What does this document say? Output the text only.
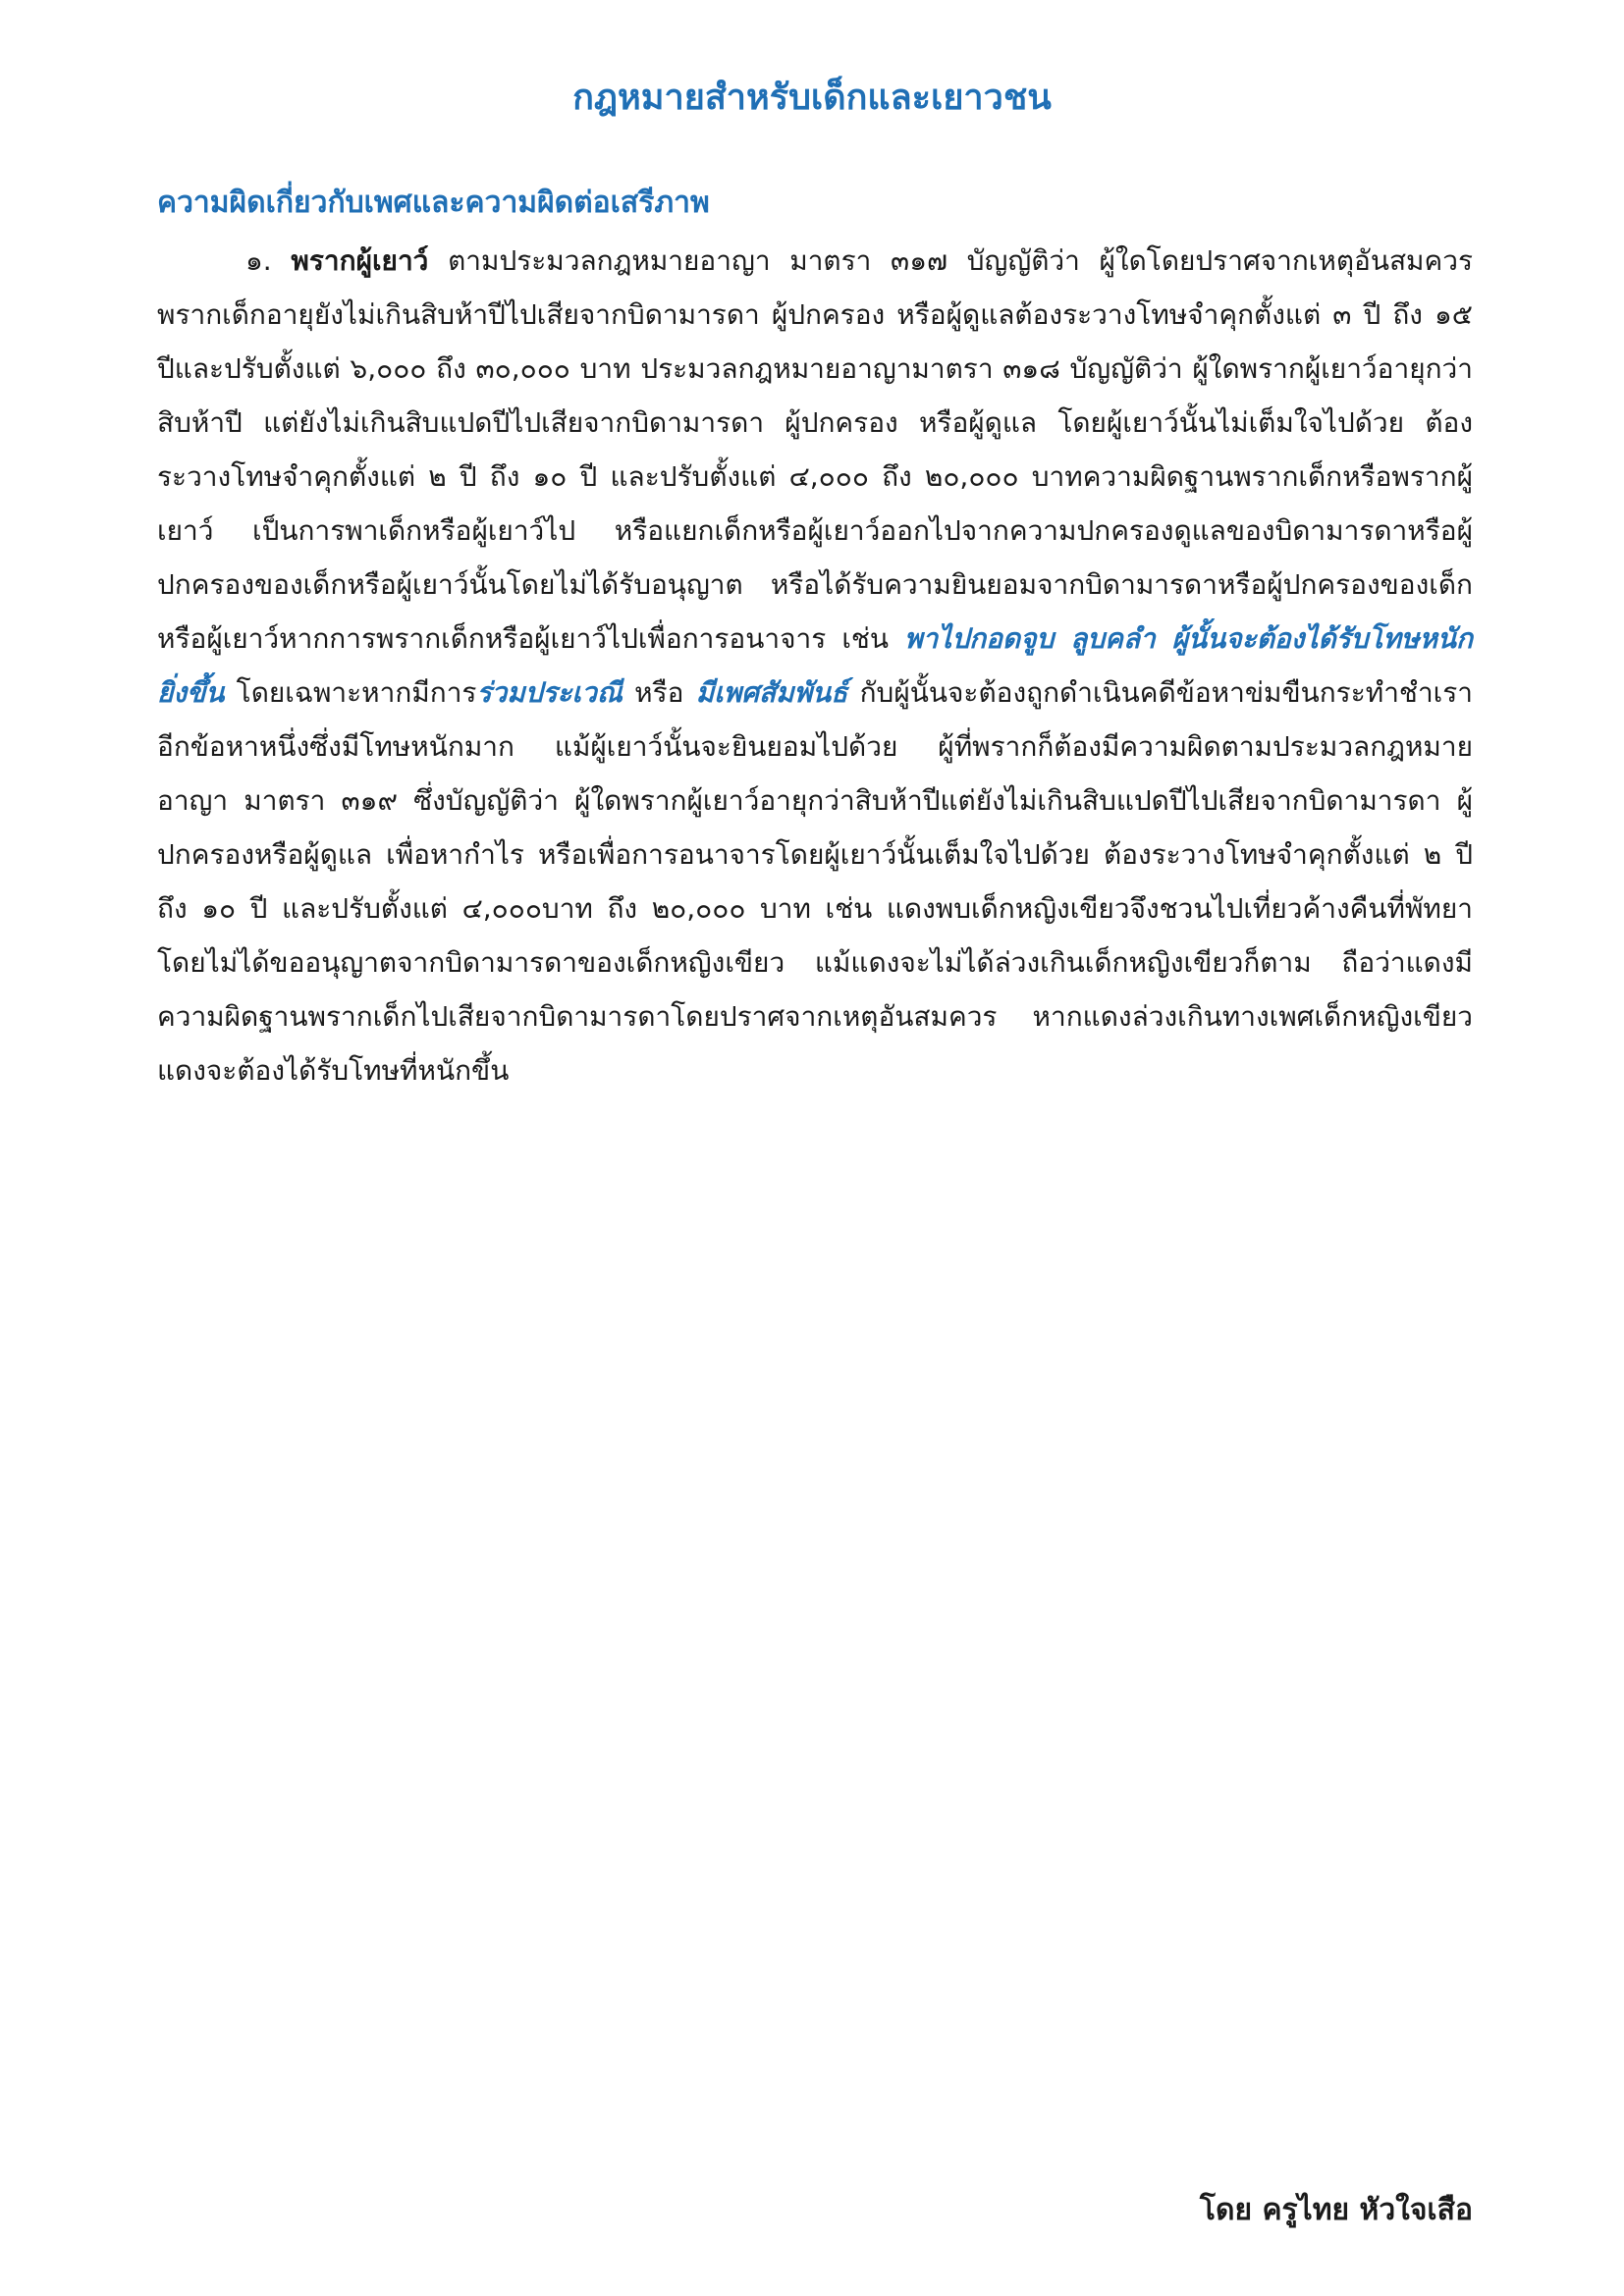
กฎหมายสำหรับเด็กและเยาวชน
ความผิดเกี่ยวกับเพศและความผิดต่อเสรีภาพ

๑. พรากผู้เยาว์ ตามประมวลกฎหมายอาญา มาตรา ๓๑๗ บัญญัติว่า ผู้ใดโดยปราศจากเหตุอันสมควรพรากเด็กอายุยังไม่เกินสิบห้าปีไปเสียจากบิดามารดา ผู้ปกครอง หรือผู้ดูแลต้องระวางโทษจำคุกตั้งแต่ ๓ ปี ถึง ๑๕ ปีและปรับตั้งแต่ ๖,๐๐๐ ถึง ๓๐,๐๐๐ บาท ประมวลกฎหมายอาญามาตรา ๓๑๘ บัญญัติว่า ผู้ใดพรากผู้เยาว์อายุกว่าสิบห้าปี แต่ยังไม่เกินสิบแปดปีไปเสียจากบิดามารดา ผู้ปกครอง หรือผู้ดูแล โดยผู้เยาว์นั้นไม่เต็มใจไปด้วย ต้องระวางโทษจำคุกตั้งแต่ ๒ ปี ถึง ๑๐ ปี และปรับตั้งแต่ ๔,๐๐๐ ถึง ๒๐,๐๐๐ บาทความผิดฐานพรากเด็กหรือพรากผู้เยาว์ เป็นการพาเด็กหรือผู้เยาว์ไป หรือแยกเด็กหรือผู้เยาว์ออกไปจากความปกครองดูแลของบิดามารดาหรือผู้ปกครองของเด็กหรือผู้เยาว์นั้นโดยไม่ได้รับอนุญาต หรือได้รับความยินยอมจากบิดามารดาหรือผู้ปกครองของเด็กหรือผู้เยาว์หากการพรากเด็กหรือผู้เยาว์ไปเพื่อการอนาจาร เช่น พาไปกอดจูบ ลูบคลำ ผู้นั้นจะต้องได้รับโทษหนักยิ่งขึ้น โดยเฉพาะหากมีการร่วมประเวณี หรือ มีเพศสัมพันธ์ กับผู้นั้นจะต้องถูกดำเนินคดีข้อหาข่มขืนกระทำชำเราอีกข้อหาหนึ่งซึ่งมีโทษหนักมาก แม้ผู้เยาว์นั้นจะยินยอมไปด้วย ผู้ที่พรากก็ต้องมีความผิดตามประมวลกฎหมายอาญา มาตรา ๓๑๙ ซึ่งบัญญัติว่า ผู้ใดพรากผู้เยาว์อายุกว่าสิบห้าปีแต่ยังไม่เกินสิบแปดปีไปเสียจากบิดามารดา ผู้ปกครองหรือผู้ดูแล เพื่อหากำไร หรือเพื่อการอนาจารโดยผู้เยาว์นั้นเต็มใจไปด้วย ต้องระวางโทษจำคุกตั้งแต่ ๒ ปี ถึง ๑๐ ปี และปรับตั้งแต่ ๔,๐๐๐บาท ถึง ๒๐,๐๐๐ บาท เช่น แดงพบเด็กหญิงเขียวจึงชวนไปเที่ยวค้างคืนที่พัทยา โดยไม่ได้ขออนุญาตจากบิดามารดาของเด็กหญิงเขียว แม้แดงจะไม่ได้ล่วงเกินเด็กหญิงเขียวก็ตาม ถือว่าแดงมีความผิดฐานพรากเด็กไปเสียจากบิดามารดาโดยปราศจากเหตุอันสมควร หากแดงล่วงเกินทางเพศเด็กหญิงเขียว แดงจะต้องได้รับโทษที่หนักขึ้น

โดย ครูไทย หัวใจเสือ
